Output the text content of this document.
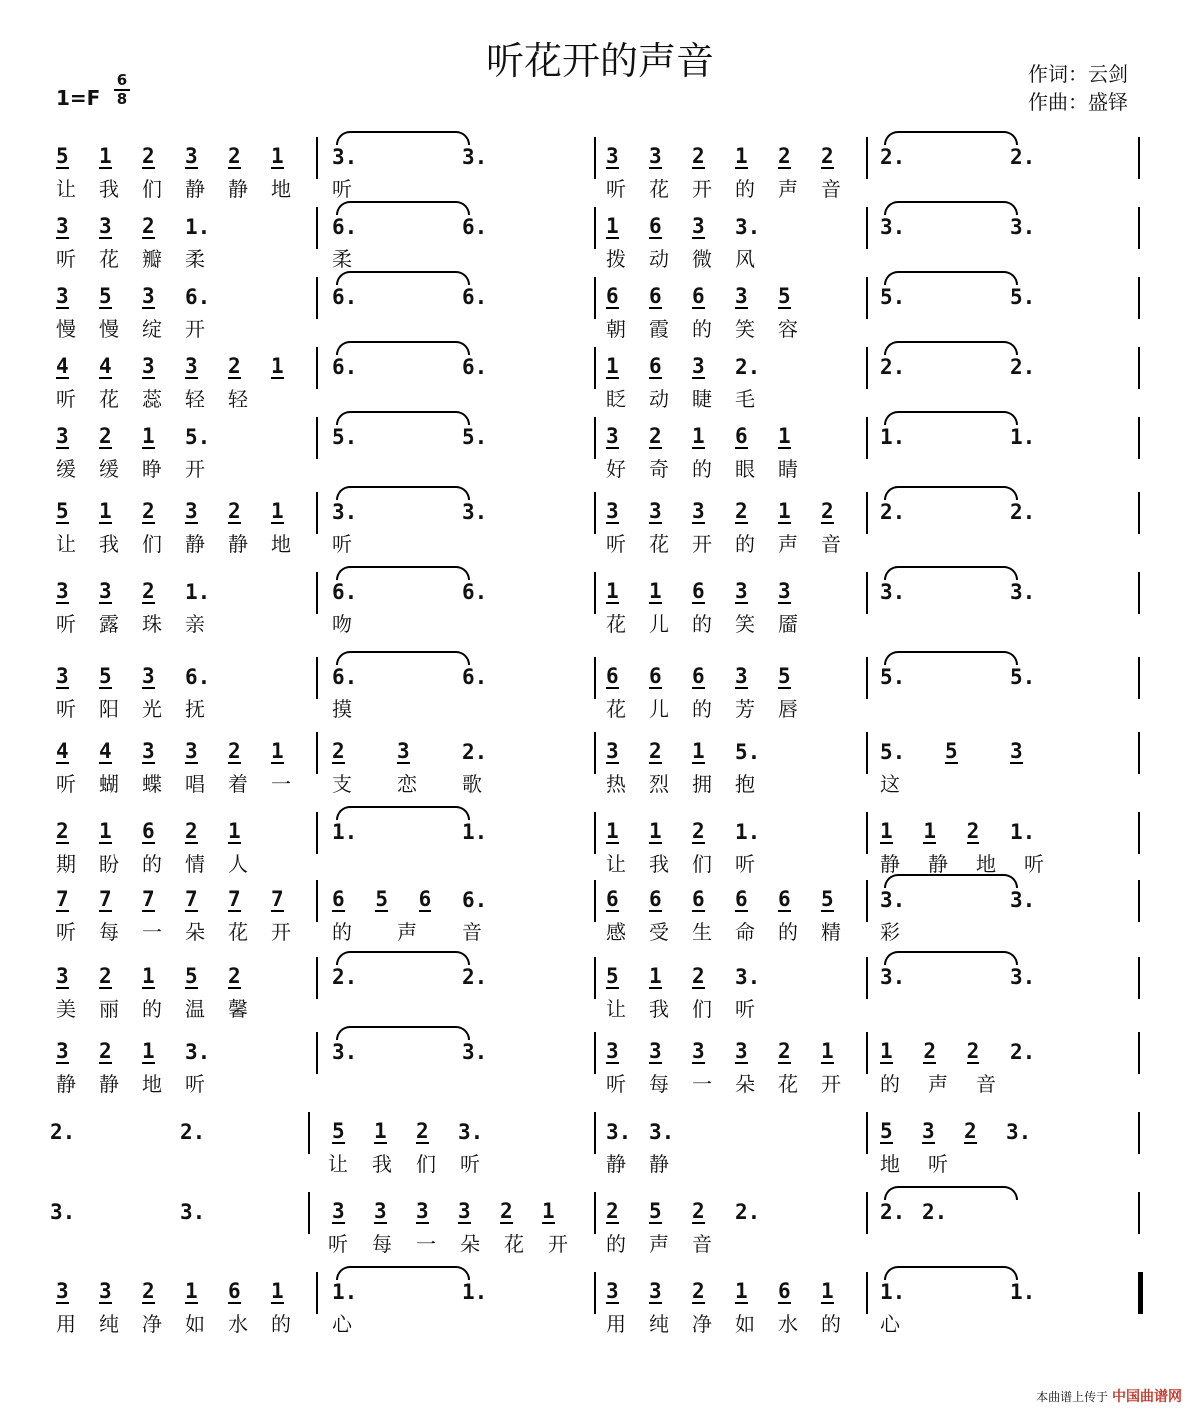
听花开的声音	作词：云剑
作曲：盛铎
$1=F \frac{6}{8}$
5 1 2 3 2 1 3.	3.
让 我 们 静 静 地 听
3 3 2 1 2 2 2.	2.
听 花 开 的 声 音
3 3 2 1.	6.	6.
听 花 瓣 柔	柔
1 6 3 3.	3.	3.
拨 动 微 风
3 5 3 6.	6.	6.
慢 慢 绽 开
6 6 6 3 5	5.	5.
朝 霞 的 笑 容
4 4 3 3 2 1 6.	6.
听 花 蕊 轻 轻
1 6 3 2.	2.	2.
眨 动 睫 毛
3 2 1 5.	5.	5.
缓 缓 睁 开
3 2 1 6 1	1.	1.
好 奇 的 眼 睛
5 1 2 3 2 1 3.	3.
让 我 们 静 静 地 听
3 3 3 2 1 2 2.	2.
听 花 开 的 声 音
3 3 2 1.	6.	6.
听 露 珠 亲	吻
1 1 6 3 3	3.	3.
花 儿 的 笑 靥
3 5 3 6.	6.	6.
听 阳 光 抚	摸
6 6 6 3 5	5.	5.
花 儿 的 芳 唇
4 4 3 3 2 1 2 3 2.
听 蝴 蝶 唱 着 一 支 恋 歌
3 2 1 5.	5. 5 3
热 烈 拥 抱	这
2 1 6 2 1	1.	1.
期 盼 的 情 人
1 1 2 1.	1 1 2 1.
让 我 们 听	静 静 地 听
7 7 7 7 7 7 6 5 6 6.
听 每 一 朵 花 开 的 声 音
6 6 6 6 6 5 3.	3.
感 受 生 命 的 精 彩
3 2 1 5 2	2.	2.
美 丽 的 温 馨
5 1 2 3.	3.	3.
让 我 们 听
3 2 1 3.	3.	3.
静 静 地 听
3 3 3 3 2 1 1 2 2 2.
听 每 一 朵 花 开 的 声 音
2.	2.	5 1 2 3.
让 我 们 听
3. 3.	5 3 2 3.
静 静	地 听
3.	3.	3 3 3 3 2 1
听 每 一 朵 花 开
2 5 2 2.	2. 2.
的 声 音
3 3 2 1 6 1 1.	1.
用 纯 净 如 水 的 心
3 3 2 1 6 1 1.	1.
用 纯 净 如 水 的 心
本曲谱上传于 中国曲谱网
